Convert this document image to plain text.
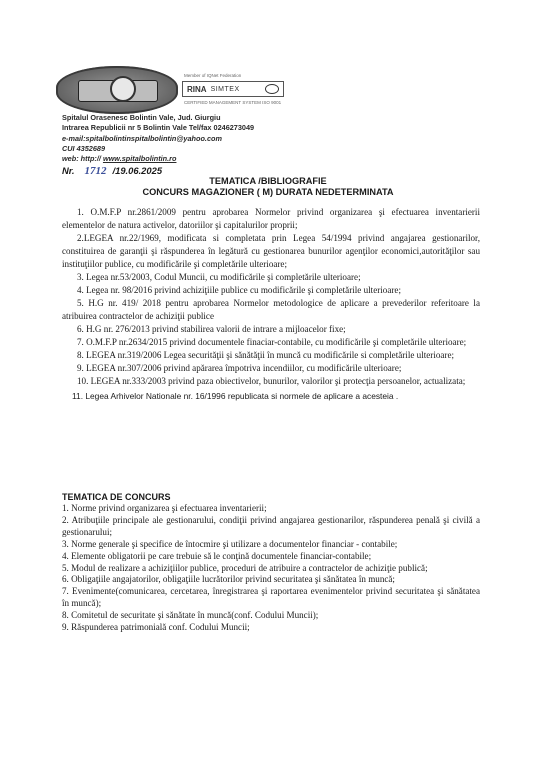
Member of IQNet Federation
RINA SIMTEX
CERTIFIED MANAGEMENT SYSTEM ISO 9001
Spitalul Orasenesc Bolintin Vale, Jud. Giurgiu
Intrarea Republicii nr 5 Bolintin Vale Tel/fax 0246273049
e-mail:spitalbolintinspitalbolintin@yahoo.com
CUI 4352689
web: http:// www.spitalbolintin.ro
Nr. 1712 /19.06.2025
TEMATICA /BIBLIOGRAFIE
CONCURS MAGAZIONER ( M) DURATA NEDETERMINATA
1. O.M.F.P nr.2861/2009 pentru aprobarea Normelor privind organizarea şi efectuarea inventarierii elementelor de natura activelor, datoriilor şi capitalurilor proprii;
2.LEGEA nr.22/1969, modificata si completata prin Legea 54/1994 privind angajarea gestionarilor, constituirea de garanţii şi răspunderea în legătură cu gestionarea bunurilor agenţilor economici,autorităţilor sau instituţiilor publice, cu modificările şi completările ulterioare;
3. Legea nr.53/2003, Codul Muncii, cu modificările şi completările ulterioare;
4. Legea nr. 98/2016 privind achiziţiile publice cu modificările şi completările ulterioare;
5. H.G nr. 419/ 2018 pentru aprobarea Normelor metodologice de aplicare a prevederilor referitoare la atribuirea contractelor de achiziţii publice
6. H.G nr. 276/2013 privind stabilirea valorii de intrare a mijloacelor fixe;
7. O.M.F.P nr.2634/2015 privind documentele finaciar-contabile, cu modificările şi completările ulterioare;
8. LEGEA nr.319/2006 Legea securităţii şi sănătăţii în muncă cu modificările si completările ulterioare;
9. LEGEA nr.307/2006 privind apărarea împotriva incendiilor, cu modificările ulterioare;
10. LEGEA nr.333/2003 privind paza obiectivelor, bunurilor, valorilor şi protecţia persoanelor, actualizata;
11. Legea Arhivelor Nationale nr. 16/1996 republicata si normele de aplicare a acesteia .
TEMATICA DE CONCURS
1. Norme privind organizarea şi efectuarea inventarierii;
2. Atribuţiile principale ale gestionarului, condiţii privind angajarea gestionarilor, răspunderea penală şi civilă a gestionarului;
3. Norme generale şi specifice de întocmire şi utilizare a documentelor financiar - contabile;
4. Elemente obligatorii pe care trebuie să le conţină documentele financiar-contabile;
5. Modul de realizare a achiziţiilor publice, proceduri de atribuire a contractelor de achiziţie publică;
6. Obligaţiile angajatorilor, obligaţiile lucrătorilor privind securitatea şi sănătatea în muncă;
7. Evenimente(comunicarea, cercetarea, înregistrarea şi raportarea evenimentelor privind securitatea şi sănătatea în muncă);
8. Comitetul de securitate şi sănătate în muncă(conf. Codului Muncii);
9. Răspunderea patrimonială conf. Codului Muncii;
